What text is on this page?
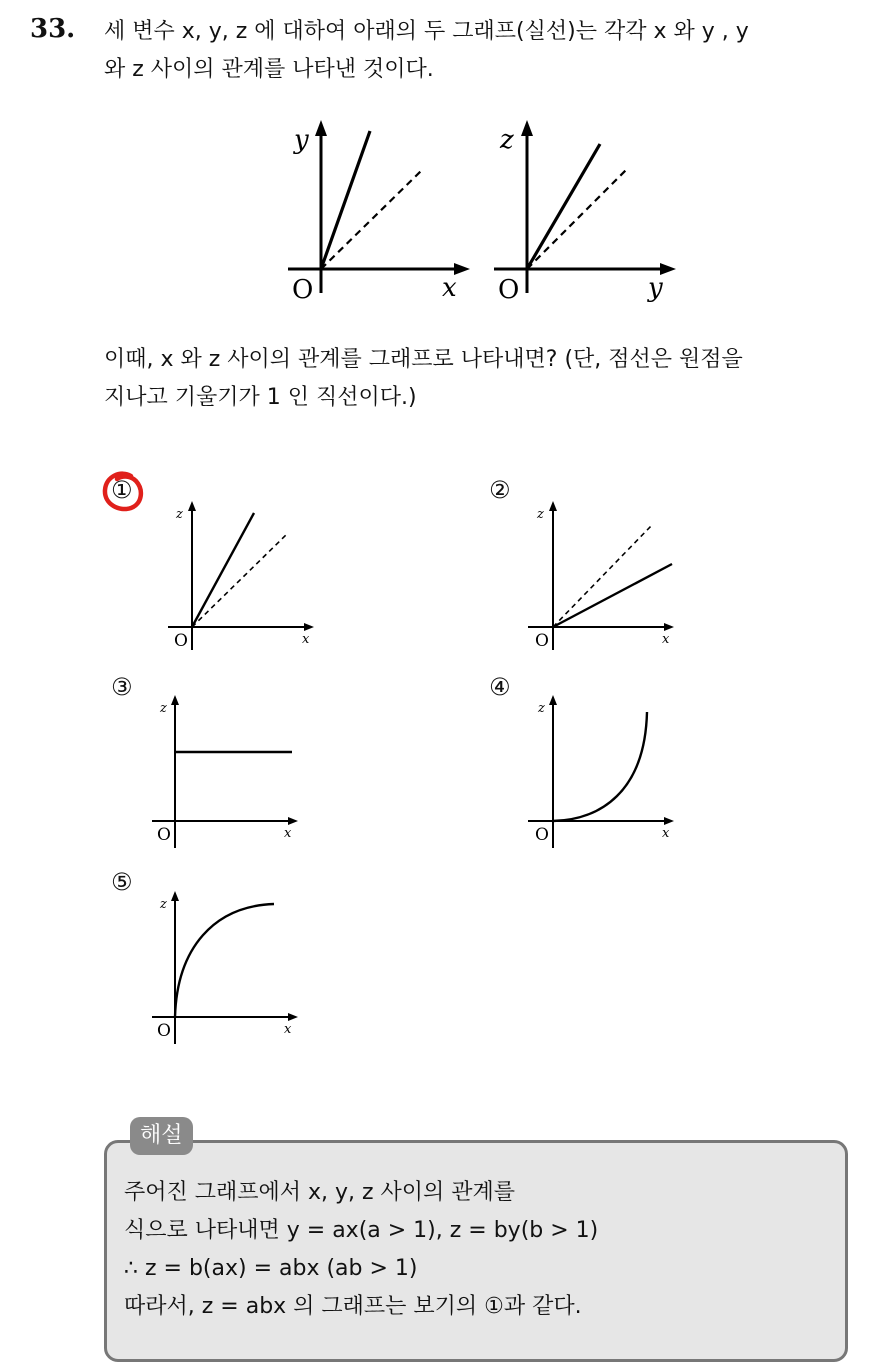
33. 세 변수 x, y, z 에 대하여 아래의 두 그래프(실선)는 각각 x 와 y , y
와 z 사이의 관계를 나타낸 것이다.
y
x
O
z
y
O
이때, x 와 z 사이의 관계를 그래프로 나타내면? (단, 점선은 원점을
지나고 기울기가 1 인 직선이다.)
①
z
x
O
②
z
x
O
③
z
x
O
④
z
x
O
⑤
z
x
O
해설
주어진 그래프에서 x, y, z 사이의 관계를
식으로 나타내면 y = ax(a > 1), z = by(b > 1)
∴ z = b(ax) = abx (ab > 1)
따라서, z = abx 의 그래프는 보기의 ①과 같다.
